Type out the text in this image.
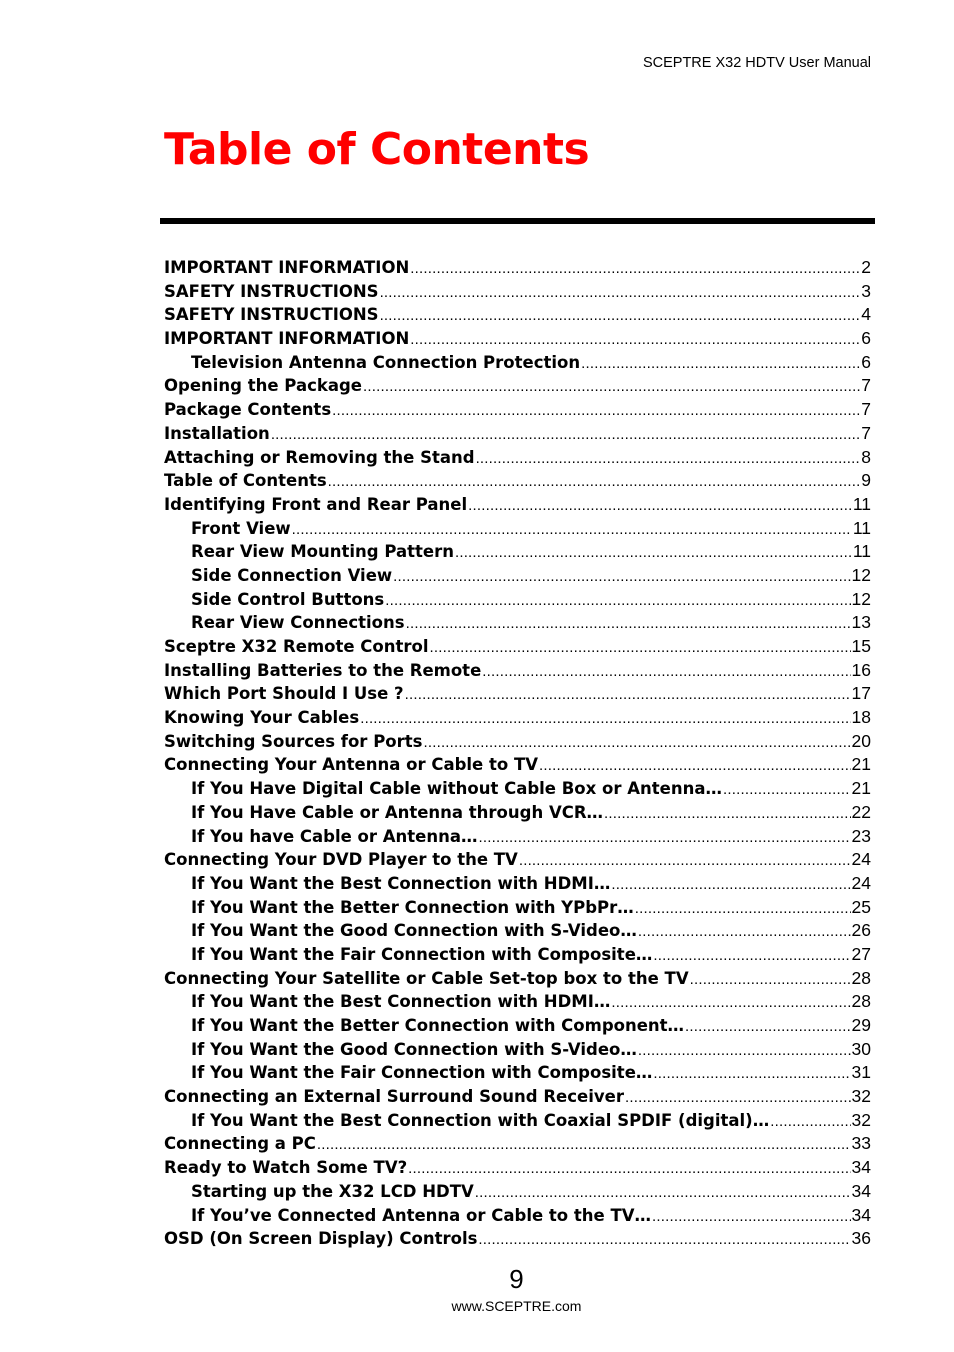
SCEPTRE X32 HDTV User Manual
Table of Contents
IMPORTANT INFORMATION .....	2
SAFETY INSTRUCTIONS .....	3
SAFETY INSTRUCTIONS .....	4
IMPORTANT INFORMATION .....	6
Television Antenna Connection Protection .....	6
Opening the Package .....	7
Package Contents .....	7
Installation .....	7
Attaching or Removing the Stand .....	8
Table of Contents .....	9
Identifying Front and Rear Panel .....	11
Front View .....	11
Rear View Mounting Pattern .....	11
Side Connection View .....	12
Side Control Buttons .....	12
Rear View Connections .....	13
Sceptre X32 Remote Control .....	15
Installing Batteries to the Remote .....	16
Which Port Should I Use ? .....	17
Knowing Your Cables .....	18
Switching Sources for Ports .....	20
Connecting Your Antenna or Cable to TV .....	21
If You Have Digital Cable without Cable Box or Antenna… .....	21
If You Have Cable or Antenna through VCR… .....	22
If You have Cable or Antenna… .....	23
Connecting Your DVD Player to the TV .....	24
If You Want the Best Connection with HDMI… .....	24
If You Want the Better Connection with YPbPr… .....	25
If You Want the Good Connection with S-Video… .....	26
If You Want the Fair Connection with Composite… .....	27
Connecting Your Satellite or Cable Set-top box to the TV .....	28
If You Want the Best Connection with HDMI… .....	28
If You Want the Better Connection with Component… .....	29
If You Want the Good Connection with S-Video… .....	30
If You Want the Fair Connection with Composite… .....	31
Connecting an External Surround Sound Receiver .....	32
If You Want the Best Connection with Coaxial SPDIF (digital)… .....	32
Connecting a PC .....	33
Ready to Watch Some TV? .....	34
Starting up the X32 LCD HDTV .....	34
If You’ve Connected Antenna or Cable to the TV… .....	34
OSD (On Screen Display) Controls .....	36
9
www.SCEPTRE.com
